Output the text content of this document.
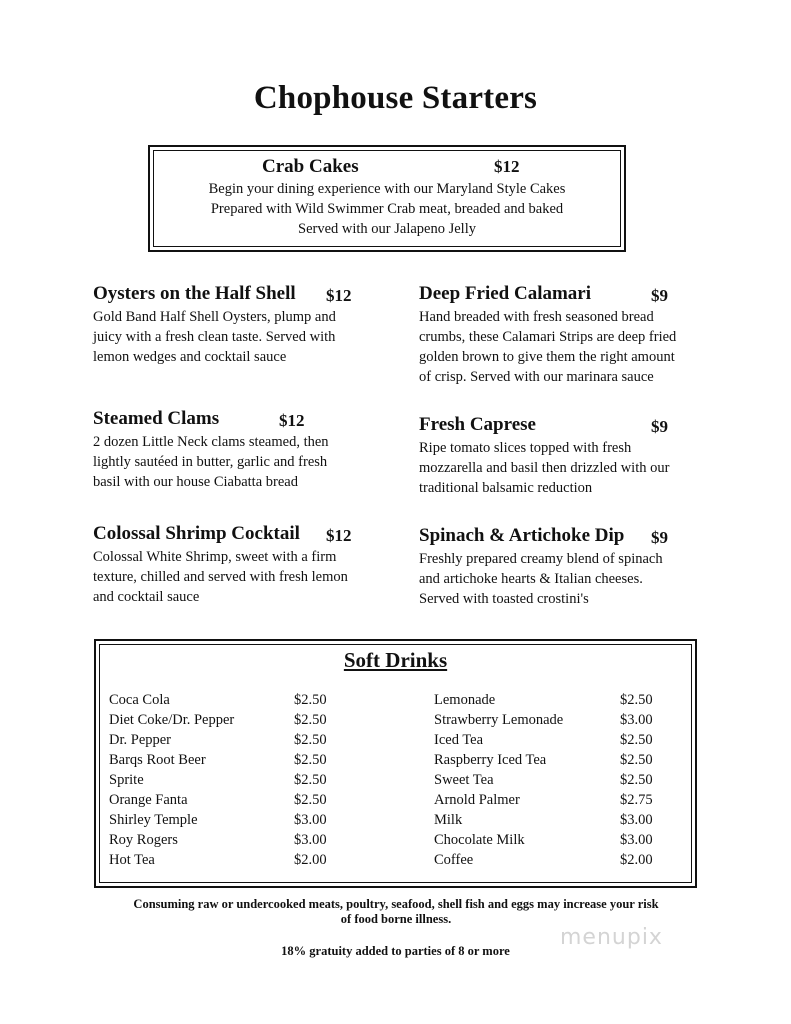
Chophouse Starters
Crab Cakes	$12
Begin your dining experience with our Maryland Style Cakes
Prepared with Wild Swimmer Crab meat, breaded and baked
Served with our Jalapeno Jelly
Oysters on the Half Shell
Gold Band Half Shell Oysters, plump and
juicy with a fresh clean taste. Served with
lemon wedges and cocktail sauce
$12
Steamed Clams
2 dozen Little Neck clams steamed, then
lightly sautéed in butter, garlic and fresh
basil with our house Ciabatta bread
$12
Colossal Shrimp Cocktail
Colossal White Shrimp, sweet with a firm
texture, chilled and served with fresh lemon
and cocktail sauce
$12
Deep Fried Calamari
Hand breaded with fresh seasoned bread
crumbs, these Calamari Strips are deep fried
golden brown to give them the right amount
of crisp. Served with our marinara sauce
$9
Fresh Caprese
Ripe tomato slices topped with fresh
mozzarella and basil then drizzled with our
traditional balsamic reduction
$9
Spinach & Artichoke Dip
Freshly prepared creamy blend of spinach
and artichoke hearts & Italian cheeses.
Served with toasted crostini's
$9
Soft Drinks
Coca Cola	$2.50
Diet Coke/Dr. Pepper	$2.50
Dr. Pepper	$2.50
Barqs Root Beer	$2.50
Sprite	$2.50
Orange Fanta	$2.50
Shirley Temple	$3.00
Roy Rogers	$3.00
Hot Tea	$2.00
Lemonade	$2.50
Strawberry Lemonade	$3.00
Iced Tea	$2.50
Raspberry Iced Tea	$2.50
Sweet Tea	$2.50
Arnold Palmer	$2.75
Milk	$3.00
Chocolate Milk	$3.00
Coffee	$2.00
Consuming raw or undercooked meats, poultry, seafood, shell fish and eggs may increase your risk
of food borne illness.
menupix
18% gratuity added to parties of 8 or more
